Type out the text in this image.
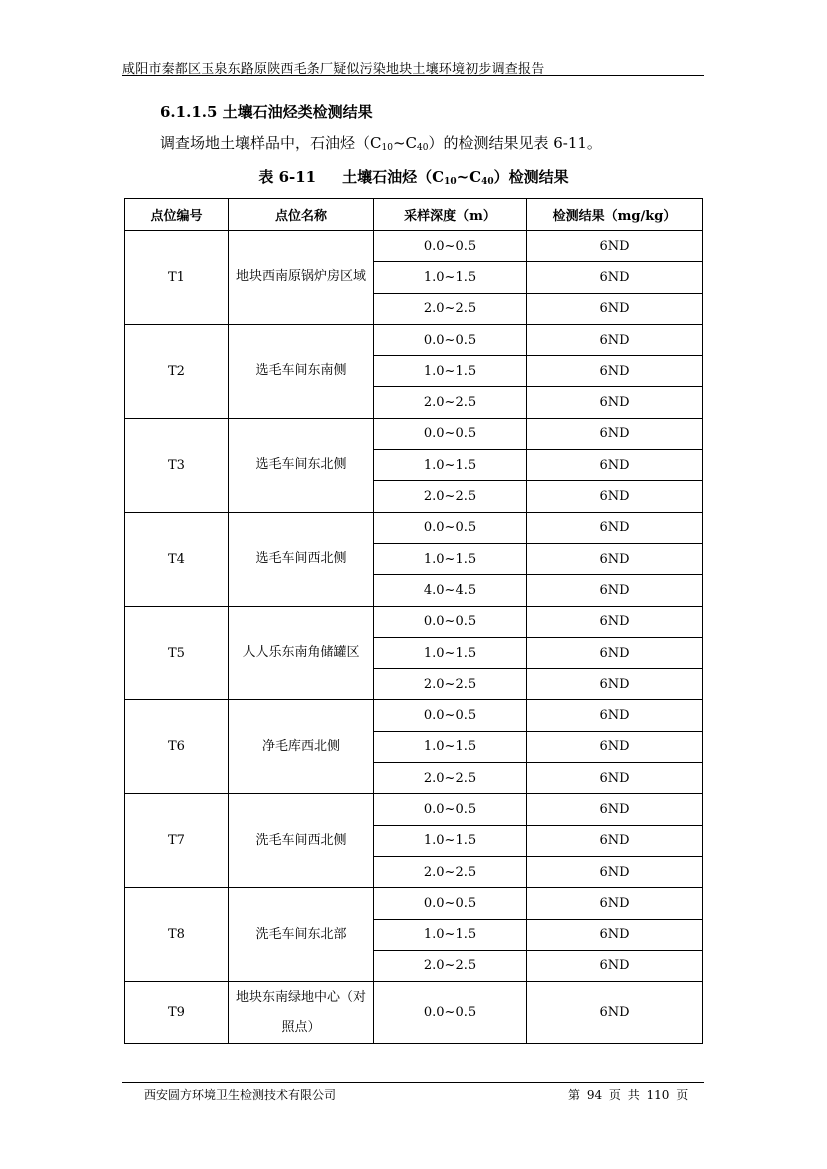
咸阳市秦都区玉泉东路原陕西毛条厂疑似污染地块土壤环境初步调查报告
6.1.1.5 土壤石油烃类检测结果
调查场地土壤样品中，石油烃$(C_{10}\sim C_{40})$的检测结果见表 6-11。
表 6-11 土壤石油烃$(C_{10}\sim C_{40})$检测结果
点位编号	点位名称	采样深度（m）	检测结果（mg/kg）
T1	地块西南原锅炉房区域	0.0~0.5	6ND
		1.0~1.5	6ND
		2.0~2.5	6ND
T2	选毛车间东南侧	0.0~0.5	6ND
		1.0~1.5	6ND
		2.0~2.5	6ND
T3	选毛车间东北侧	0.0~0.5	6ND
		1.0~1.5	6ND
		2.0~2.5	6ND
T4	选毛车间西北侧	0.0~0.5	6ND
		1.0~1.5	6ND
		4.0~4.5	6ND
T5	人人乐东南角储罐区	0.0~0.5	6ND
		1.0~1.5	6ND
		2.0~2.5	6ND
T6	净毛库西北侧	0.0~0.5	6ND
		1.0~1.5	6ND
		2.0~2.5	6ND
T7	洗毛车间西北侧	0.0~0.5	6ND
		1.0~1.5	6ND
		2.0~2.5	6ND
T8	洗毛车间东北部	0.0~0.5	6ND
		1.0~1.5	6ND
		2.0~2.5	6ND
T9	地块东南绿地中心（对照点）	0.0~0.5	6ND
西安圆方环境卫生检测技术有限公司	第 94 页 共 110 页
